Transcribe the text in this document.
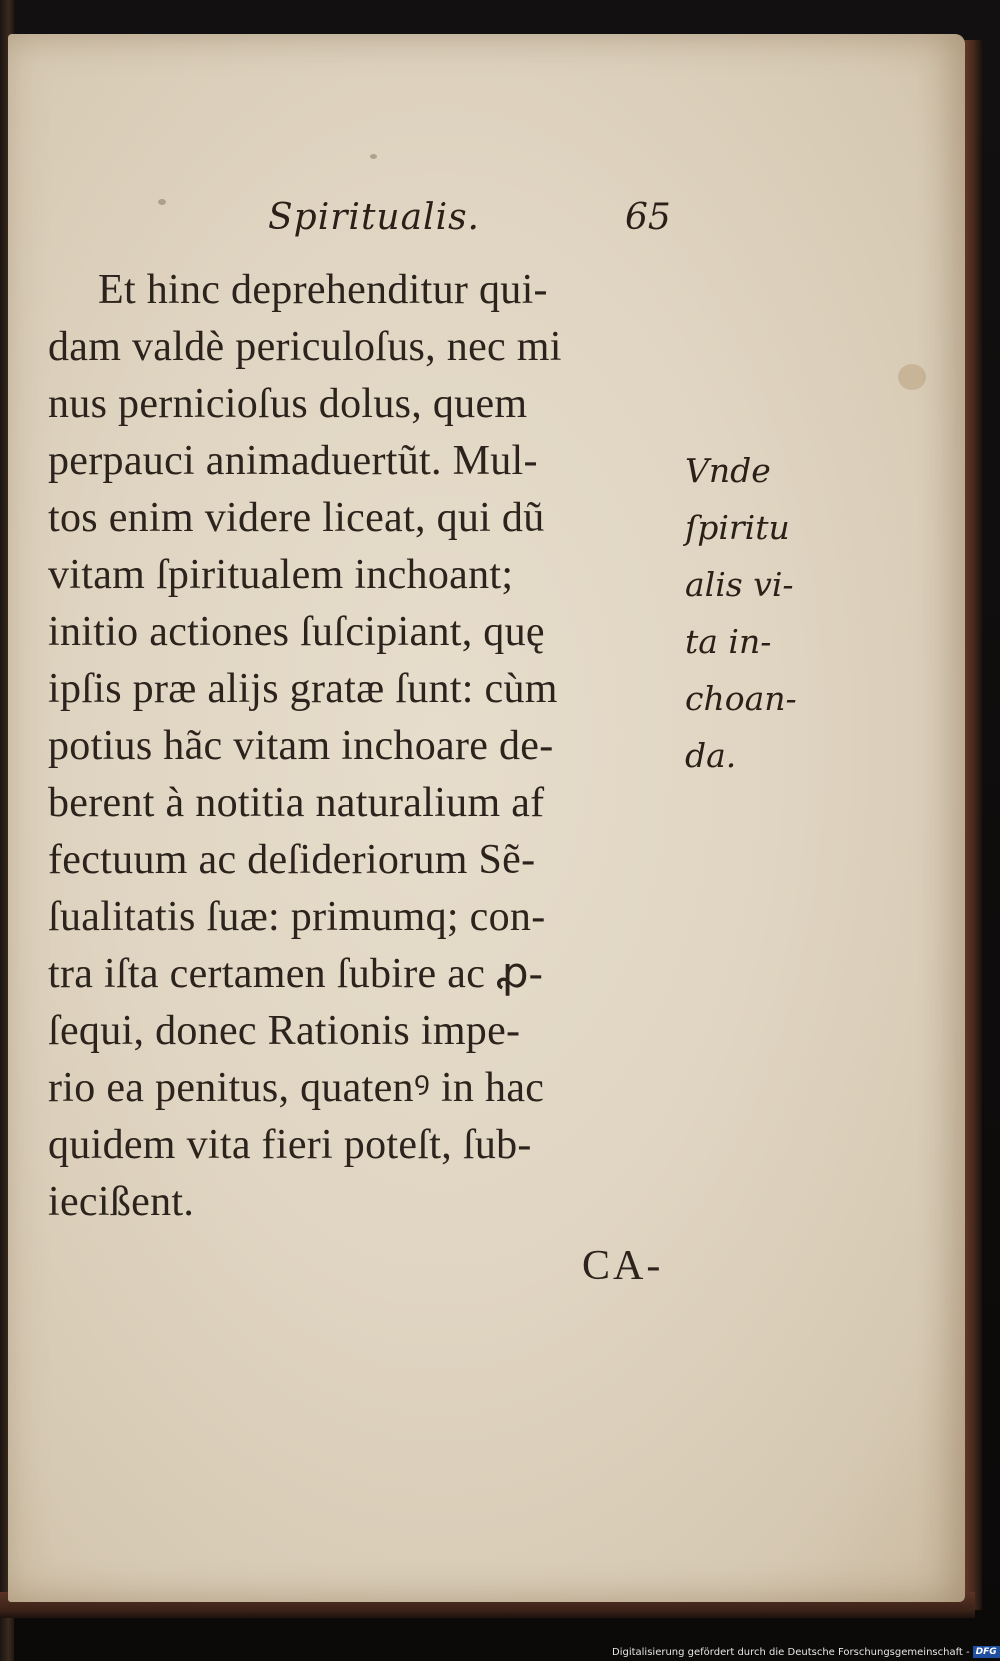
Spiritualis.	65

Et hinc deprehenditur qui-
dam valdè periculoſus, nec mi
nus pernicioſus dolus, quem
perpauci animaduertũt. Mul-
tos enim videre liceat, qui dũ
vitam ſpiritualem inchoant;
initio actiones ſuſcipiant, quę
ipſis præ alijs gratæ ſunt: cùm
potius hãc vitam inchoare de-
berent à notitia naturalium af
fectuum ac deſideriorum Sẽ-
ſualitatis ſuæ: primumq; con-
tra iſta certamen ſubire ac ꝓ-
ſequi, donec Rationis impe-
rio ea penitus, quatenꝰ in hac
quidem vita fieri poteſt, ſub-
iecißent.
Vnde
ſpiritu
alis vi-
ta in-
choan-
da.

CA-

Digitalisierung gefördert durch die Deutsche Forschungsgemeinschaft - DFG
